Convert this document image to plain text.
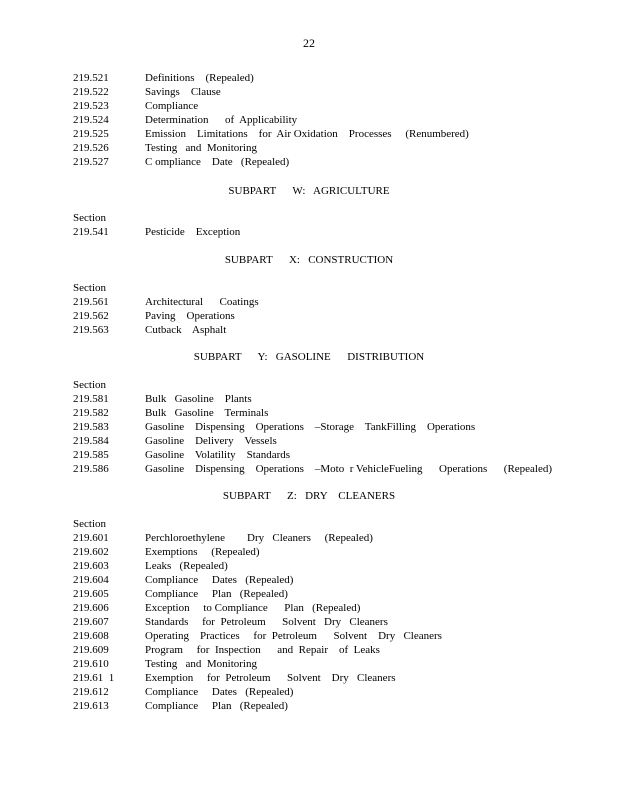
22
219.521	Definitions    (Repealed)
219.522	Savings    Clause
219.523	Compliance
219.524	Determination      of  Applicability
219.525	Emission    Limitations    for  Air Oxidation    Processes     (Renumbered)
219.526	Testing   and  Monitoring
219.527	C ompliance    Date   (Repealed)
SUBPART      W:   AGRICULTURE
Section
219.541	Pesticide    Exception
SUBPART      X:   CONSTRUCTION
Section
219.561	Architectural      Coatings
219.562	Paving    Operations
219.563	Cutback    Asphalt
SUBPART      Y:   GASOLINE      DISTRIBUTION
Section
219.581	Bulk   Gasoline    Plants
219.582	Bulk   Gasoline    Terminals
219.583	Gasoline    Dispensing    Operations    –Storage    TankFilling    Operations
219.584	Gasoline    Delivery    Vessels
219.585	Gasoline    Volatility    Standards
219.586	Gasoline    Dispensing    Operations    –Moto  r VehicleFueling      Operations      (Repealed)
SUBPART      Z:   DRY    CLEANERS
Section
219.601	Perchloroethylene        Dry   Cleaners     (Repealed)
219.602	Exemptions     (Repealed)
219.603	Leaks   (Repealed)
219.604	Compliance     Dates   (Repealed)
219.605	Compliance     Plan   (Repealed)
219.606	Exception     to Compliance      Plan   (Repealed)
219.607	Standards     for  Petroleum      Solvent   Dry   Cleaners
219.608	Operating    Practices     for  Petroleum      Solvent    Dry   Cleaners
219.609	Program     for  Inspection      and  Repair    of  Leaks
219.610	Testing   and  Monitoring
219.61  1	Exemption     for  Petroleum      Solvent    Dry   Cleaners
219.612	Compliance     Dates   (Repealed)
219.613	Compliance     Plan   (Repealed)
